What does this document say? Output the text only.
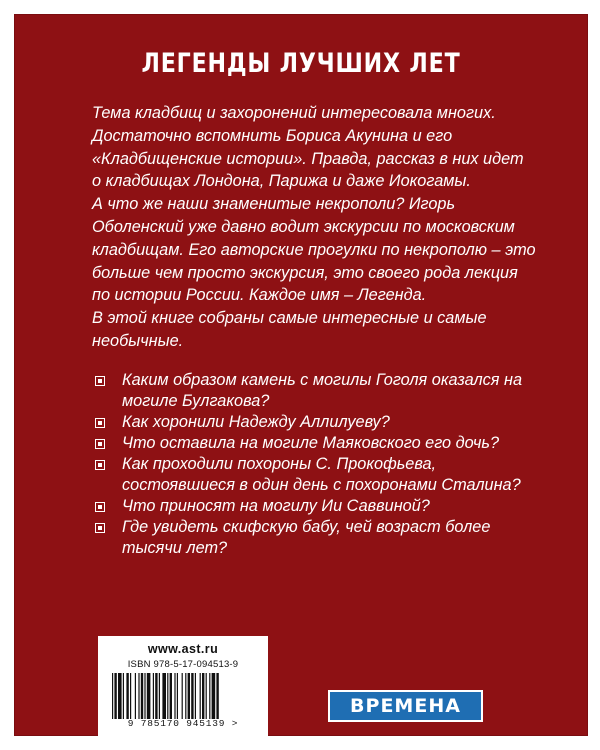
ЛЕГЕНДЫ ЛУЧШИХ ЛЕТ

Тема кладбищ и захоронений интересовала многих. Достаточно вспомнить Бориса Акунина и его «Кладбищенские истории». Правда, рассказ в них идет о кладбищах Лондона, Парижа и даже Иокогамы.

А что же наши знаменитые некрополи? Игорь Оболенский уже давно водит экскурсии по московским кладбищам. Его авторские прогулки по некрополю – это больше чем просто экскурсия, это своего рода лекция по истории России. Каждое имя – Легенда.

В этой книге собраны самые интересные и самые необычные.

Каким образом камень с могилы Гоголя оказался на могиле Булгакова?
Как хоронили Надежду Аллилуеву?
Что оставила на могиле Маяковского его дочь?
Как проходили похороны С. Прокофьева, состоявшиеся в один день с похоронами Сталина?
Что приносят на могилу Ии Саввиной?
Где увидеть скифскую бабу, чей возраст более тысячи лет?
www.ast.ru
ISBN 978-5-17-094513-9
9 785170 945139 >
ВРЕМЕНА
